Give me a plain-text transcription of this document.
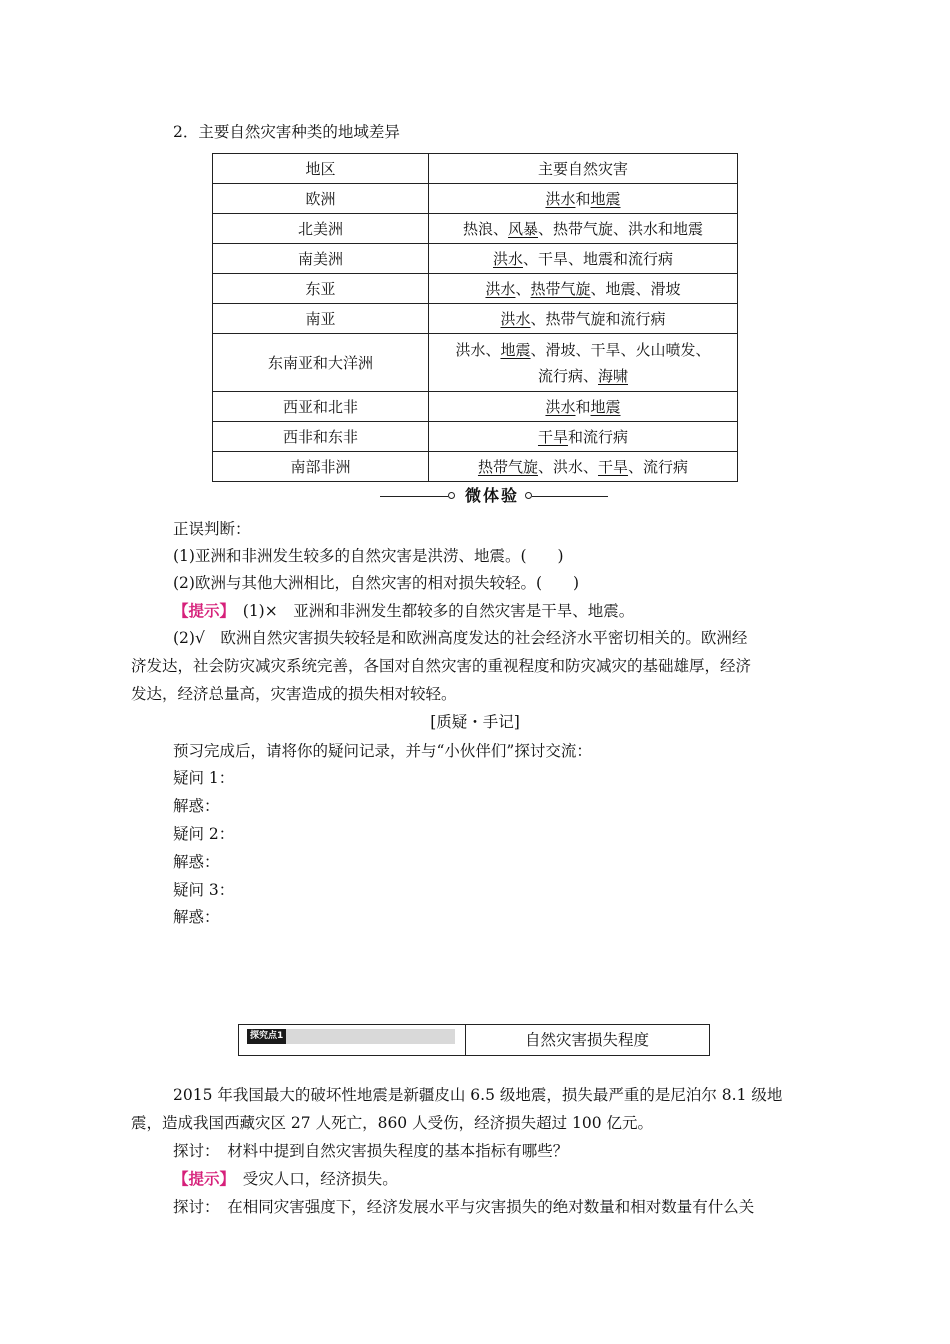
2．主要自然灾害种类的地域差异
地区	主要自然灾害
欧洲	洪水和地震
北美洲	热浪、风暴、热带气旋、洪水和地震
南美洲	洪水、干旱、地震和流行病
东亚	洪水、热带气旋、地震、滑坡
南亚	洪水、热带气旋和流行病
东南亚和大洋洲	洪水、地震、滑坡、干旱、火山喷发、
流行病、海啸
西亚和北非	洪水和地震
西非和东非	干旱和流行病
南部非洲	热带气旋、洪水、干旱、流行病
微体验
正误判断：
(1)亚洲和非洲发生较多的自然灾害是洪涝、地震。(　　)
(2)欧洲与其他大洲相比，自然灾害的相对损失较轻。(　　)
【提示】　(1)×　亚洲和非洲发生都较多的自然灾害是干旱、地震。
(2)√　欧洲自然灾害损失较轻是和欧洲高度发达的社会经济水平密切相关的。欧洲经
济发达，社会防灾减灾系统完善，各国对自然灾害的重视程度和防灾减灾的基础雄厚，经济
发达，经济总量高，灾害造成的损失相对较轻。
[质疑・手记]
预习完成后，请将你的疑问记录，并与“小伙伴们”探讨交流：
疑问 1：
解惑：
疑问 2：
解惑：
疑问 3：
解惑：
探究点1	自然灾害损失程度
2015 年我国最大的破坏性地震是新疆皮山 6.5 级地震，损失最严重的是尼泊尔 8.1 级地
震，造成我国西藏灾区 27 人死亡，860 人受伤，经济损失超过 100 亿元。
探讨：　材料中提到自然灾害损失程度的基本指标有哪些？
【提示】　受灾人口，经济损失。
探讨：　在相同灾害强度下，经济发展水平与灾害损失的绝对数量和相对数量有什么关
